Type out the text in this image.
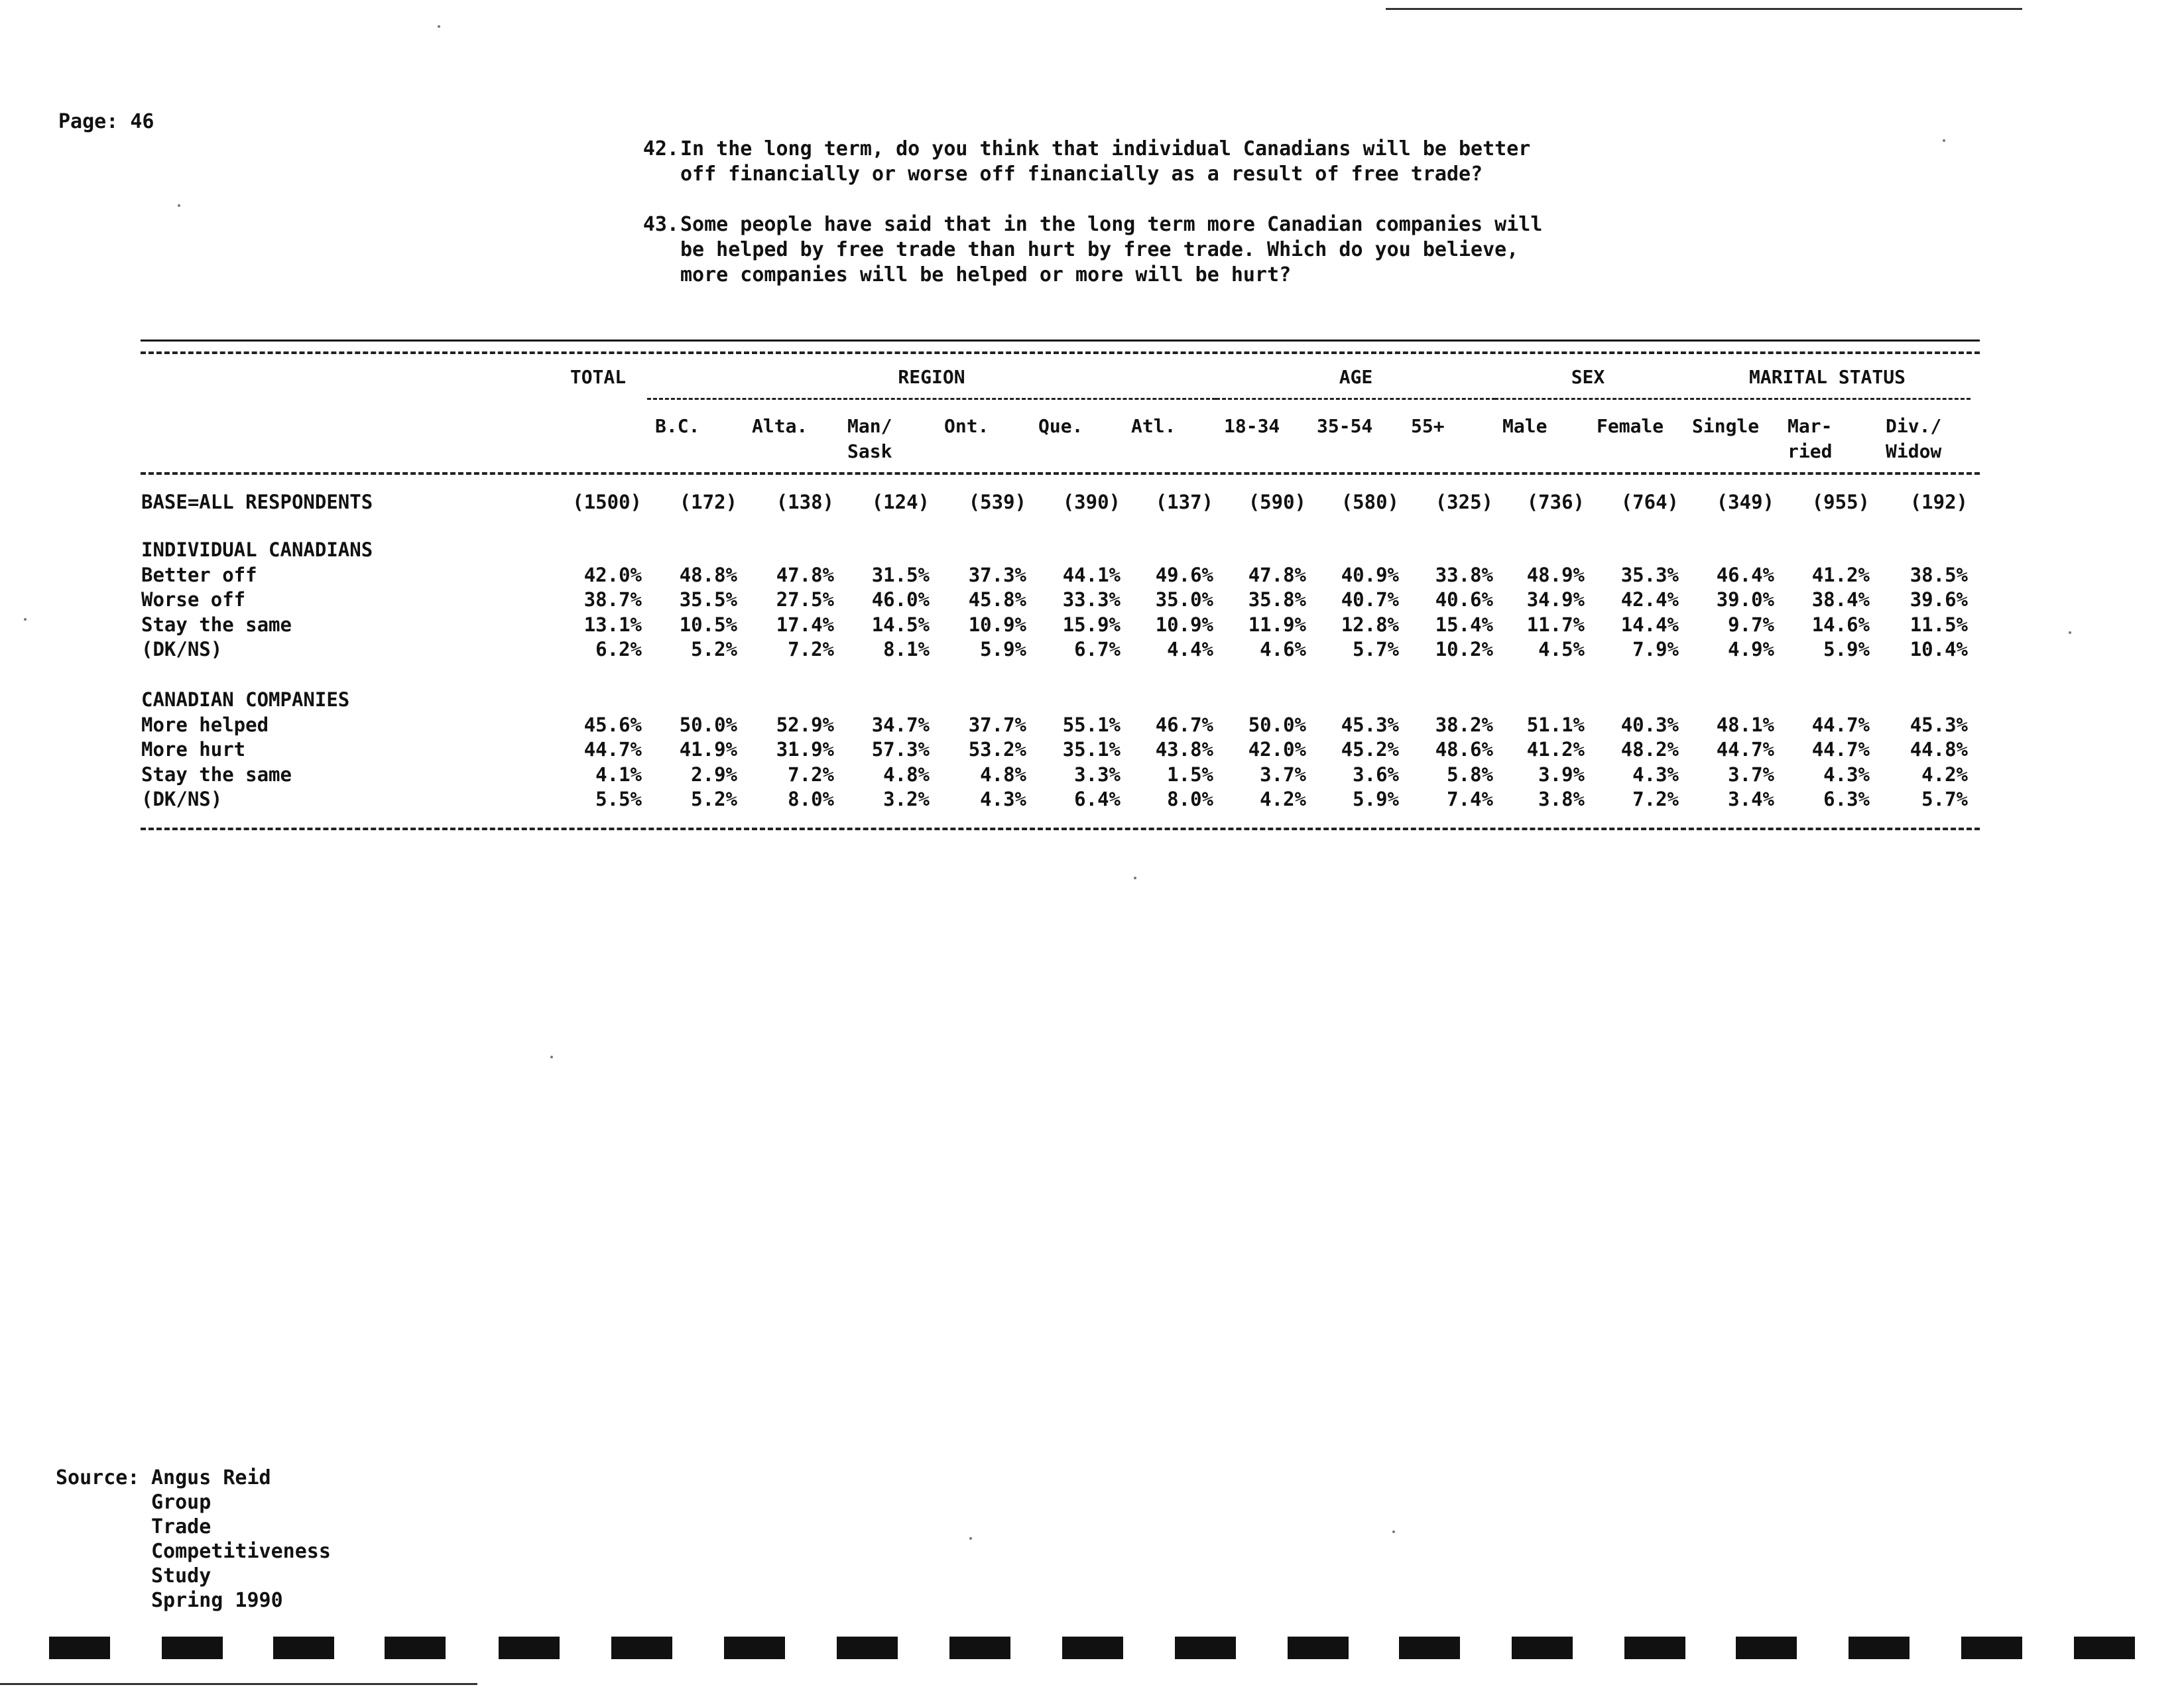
Page: 46
42. In the long term, do you think that individual Canadians will be better
off financially or worse off financially as a result of free trade?
43. Some people have said that in the long term more Canadian companies will
be helped by free trade than hurt by free trade. Which do you believe,
more companies will be helped or more will be hurt?
TOTAL	REGION	AGE	SEX	MARITAL STATUS
B.C.	Alta.	Man/
Sask
Ont.	Que.	Atl.	18-34	35-54	55+	Male	Female	Single	Mar-
ried
Div./
Widow
BASE=ALL RESPONDENTS	(1500)	(172)	(138)	(124)	(539)	(390)	(137)	(590)	(580)	(325)	(736)	(764)	(349)	(955)	(192)
INDIVIDUAL CANADIANS
Better off	42.0%	48.8%	47.8%	31.5%	37.3%	44.1%	49.6%	47.8%	40.9%	33.8%	48.9%	35.3%	46.4%	41.2%	38.5%
Worse off	38.7%	35.5%	27.5%	46.0%	45.8%	33.3%	35.0%	35.8%	40.7%	40.6%	34.9%	42.4%	39.0%	38.4%	39.6%
Stay the same	13.1%	10.5%	17.4%	14.5%	10.9%	15.9%	10.9%	11.9%	12.8%	15.4%	11.7%	14.4%	9.7%	14.6%	11.5%
(DK/NS)	6.2%	5.2%	7.2%	8.1%	5.9%	6.7%	4.4%	4.6%	5.7%	10.2%	4.5%	7.9%	4.9%	5.9%	10.4%
CANADIAN COMPANIES
More helped	45.6%	50.0%	52.9%	34.7%	37.7%	55.1%	46.7%	50.0%	45.3%	38.2%	51.1%	40.3%	48.1%	44.7%	45.3%
More hurt	44.7%	41.9%	31.9%	57.3%	53.2%	35.1%	43.8%	42.0%	45.2%	48.6%	41.2%	48.2%	44.7%	44.7%	44.8%
Stay the same	4.1%	2.9%	7.2%	4.8%	4.8%	3.3%	1.5%	3.7%	3.6%	5.8%	3.9%	4.3%	3.7%	4.3%	4.2%
(DK/NS)	5.5%	5.2%	8.0%	3.2%	4.3%	6.4%	8.0%	4.2%	5.9%	7.4%	3.8%	7.2%	3.4%	6.3%	5.7%
Source: Angus Reid Group
Trade Competitiveness Study
Spring 1990
